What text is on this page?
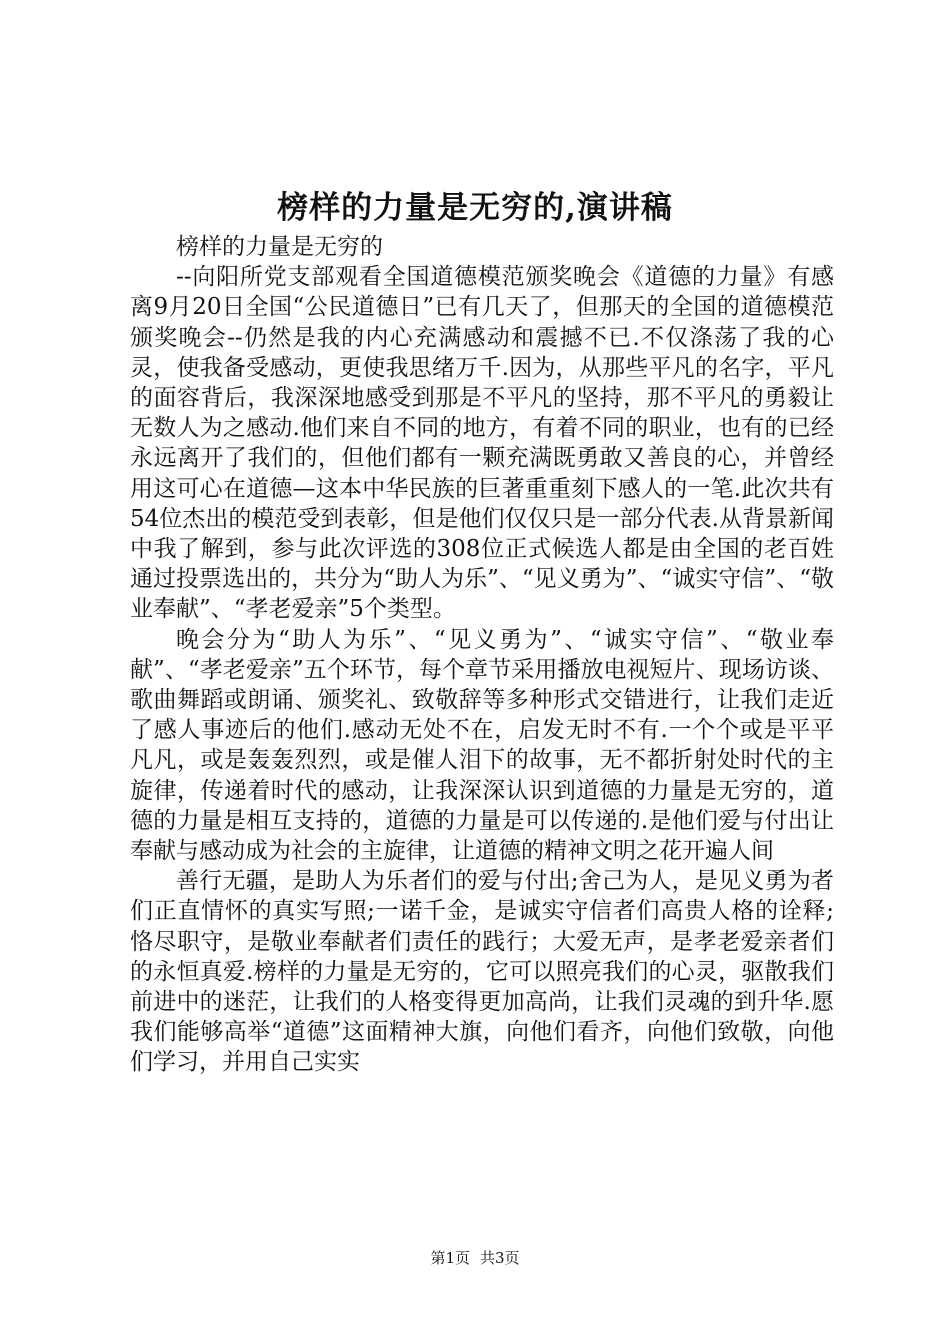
榜样的力量是无穷的,演讲稿

榜样的力量是无穷的

--向阳所党支部观看全国道德模范颁奖晚会《道德的力量》有感离9月20日全国“公民道德日”已有几天了，但那天的全国的道德模范颁奖晚会--仍然是我的内心充满感动和震撼不已.不仅涤荡了我的心灵，使我备受感动，更使我思绪万千.因为，从那些平凡的名字，平凡的面容背后，我深深地感受到那是不平凡的坚持，那不平凡的勇毅让无数人为之感动.他们来自不同的地方，有着不同的职业，也有的已经永远离开了我们的，但他们都有一颗充满既勇敢又善良的心，并曾经用这可心在道德—这本中华民族的巨著重重刻下感人的一笔.此次共有54位杰出的模范受到表彰，但是他们仅仅只是一部分代表.从背景新闻中我了解到，参与此次评选的308位正式候选人都是由全国的老百姓通过投票选出的，共分为“助人为乐”、“见义勇为”、“诚实守信”、“敬业奉献”、“孝老爱亲”5个类型。

晚会分为“助人为乐”、“见义勇为”、“诚实守信”、“敬业奉献”、“孝老爱亲”五个环节，每个章节采用播放电视短片、现场访谈、歌曲舞蹈或朗诵、颁奖礼、致敬辞等多种形式交错进行，让我们走近了感人事迹后的他们.感动无处不在，启发无时不有.一个个或是平平凡凡，或是轰轰烈烈，或是催人泪下的故事，无不都折射处时代的主旋律，传递着时代的感动，让我深深认识到道德的力量是无穷的，道德的力量是相互支持的，道德的力量是可以传递的.是他们爱与付出让奉献与感动成为社会的主旋律，让道德的精神文明之花开遍人间

善行无疆，是助人为乐者们的爱与付出;舍己为人，是见义勇为者们正直情怀的真实写照;一诺千金，是诚实守信者们高贵人格的诠释;恪尽职守，是敬业奉献者们责任的践行；大爱无声，是孝老爱亲者们的永恒真爱.榜样的力量是无穷的，它可以照亮我们的心灵，驱散我们前进中的迷茫，让我们的人格变得更加高尚，让我们灵魂的到升华.愿我们能够高举“道德”这面精神大旗，向他们看齐，向他们致敬，向他们学习，并用自己实实

第1页 共3页
